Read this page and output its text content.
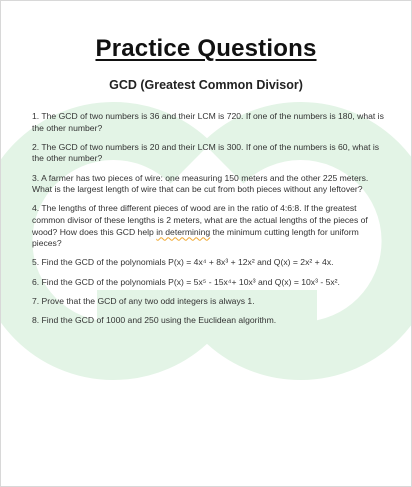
Practice Questions
GCD (Greatest Common Divisor)
1. The GCD of two numbers is 36 and their LCM is 720. If one of the numbers is 180, what is the other number?
2. The GCD of two numbers is 20 and their LCM is 300. If one of the numbers is 60, what is the other number?
3. A farmer has two pieces of wire: one measuring 150 meters and the other 225 meters. What is the largest length of wire that can be cut from both pieces without any leftover?
4. The lengths of three different pieces of wood are in the ratio of 4:6:8. If the greatest common divisor of these lengths is 2 meters, what are the actual lengths of the pieces of wood? How does this GCD help in determining the minimum cutting length for uniform pieces?
5. Find the GCD of the polynomials P(x) = 4x⁴ + 8x³ + 12x² and Q(x) = 2x² + 4x.
6. Find the GCD of the polynomials P(x) = 5x⁵ - 15x⁴+ 10x³ and Q(x) = 10x³ - 5x².
7. Prove that the GCD of any two odd integers is always 1.
8. Find the GCD of 1000 and 250 using the Euclidean algorithm.
